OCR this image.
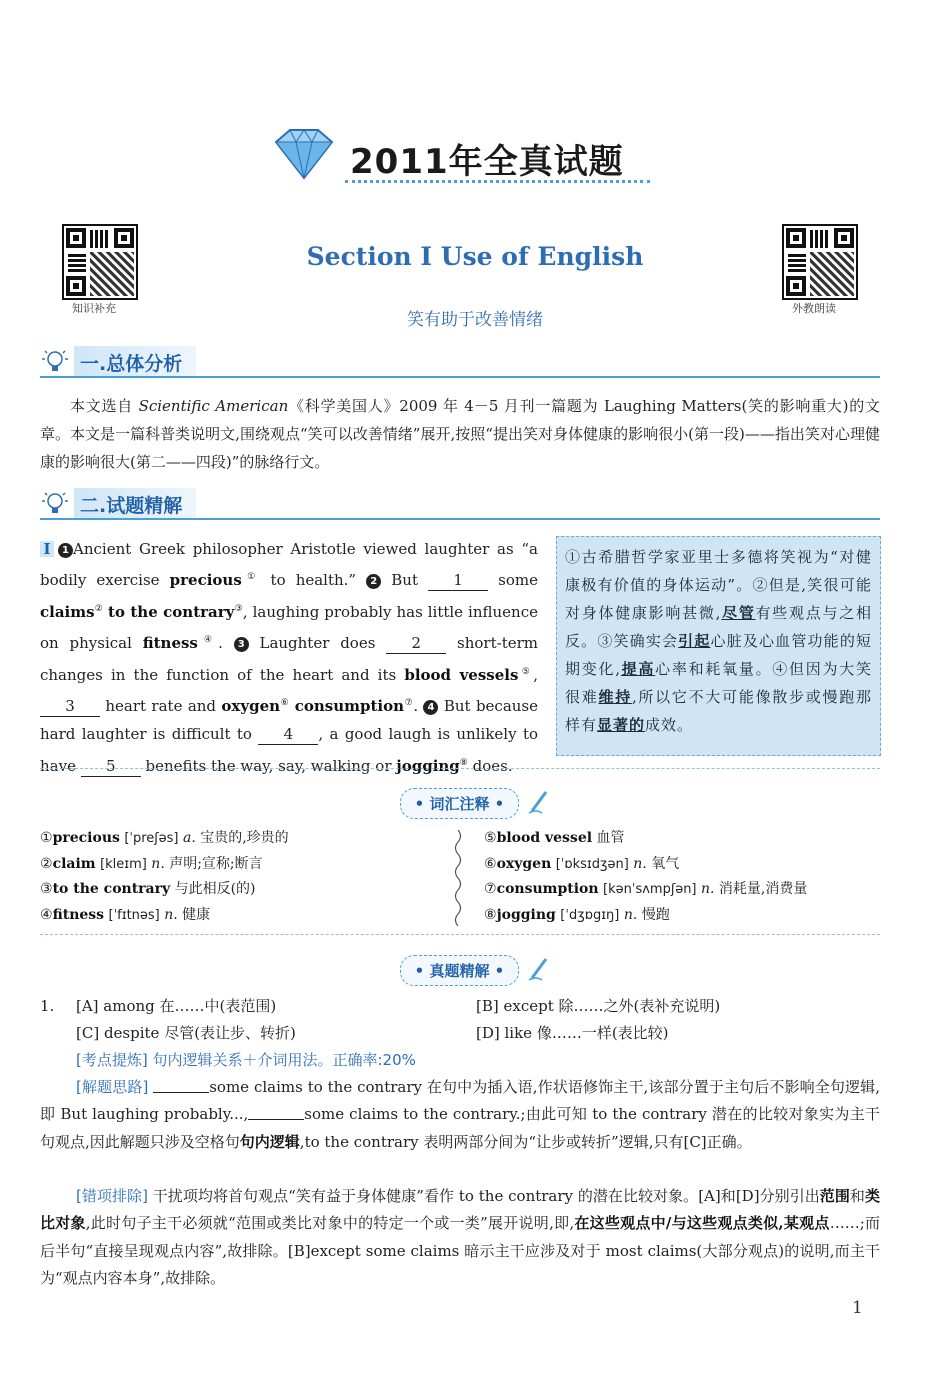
2011年全真试题
知识补充	外教朗读
Section Ⅰ Use of English
笑有助于改善情绪
一.总体分析
本文选自 Scientific American《科学美国人》2009 年 4－5 月刊一篇题为 Laughing Matters(笑的影响重大)的文章。本文是一篇科普类说明文,围绕观点“笑可以改善情绪”展开,按照“提出笑对身体健康的影响很小(第一段)——指出笑对心理健康的影响很大(第二——四段)”的脉络行文。
二.试题精解
Ⅰ 1 Ancient Greek philosopher Aristotle viewed laughter as “a bodily exercise precious① to health.” 2 But 1 some claims② to the contrary③, laughing probably has little influence on physical fitness④. 3 Laughter does 2 short-term changes in the function of the heart and its blood vessels⑤, 3 heart rate and oxygen⑥ consumption⑦. 4 But because hard laughter is difficult to 4 , a good laugh is unlikely to have 5 benefits the way, say, walking or jogging⑧ does.
①古希腊哲学家亚里士多德将笑视为“对健康极有价值的身体运动”。②但是,笑很可能对身体健康影响甚微,尽管有些观点与之相反。③笑确实会引起心脏及心血管功能的短期变化,提高心率和耗氧量。④但因为大笑很难维持,所以它不大可能像散步或慢跑那样有显著的成效。
• 词汇注释 •
①precious [ˈpreʃəs] a. 宝贵的,珍贵的
②claim [kleɪm] n. 声明;宣称;断言
③to the contrary 与此相反(的)
④fitness [ˈfɪtnəs] n. 健康
⑤blood vessel 血管
⑥oxygen [ˈɒksɪdʒən] n. 氧气
⑦consumption [kənˈsʌmpʃən] n. 消耗量,消费量
⑧jogging [ˈdʒɒgɪŋ] n. 慢跑
• 真题精解 •
1. [A] among 在……中(表范围)	[B] except 除……之外(表补充说明)
[C] despite 尽管(表让步、转折)	[D] like 像……一样(表比较)
[考点提炼] 句内逻辑关系＋介词用法。正确率:20%
[解题思路]	some claims to the contrary 在句中为插入语,作状语修饰主干,该部分置于主句后不影响全句逻辑,即 But laughing probably...,	some claims to the contrary.;由此可知 to the contrary 潜在的比较对象实为主干句观点,因此解题只涉及空格句句内逻辑,to the contrary 表明两部分间为“让步或转折”逻辑,只有[C]正确。
[错项排除] 干扰项均将首句观点“笑有益于身体健康”看作 to the contrary 的潜在比较对象。[A]和[D]分别引出范围和类比对象,此时句子主干必须就“范围或类比对象中的特定一个或一类”展开说明,即,在这些观点中/与这些观点类似,某观点……;而后半句“直接呈现观点内容”,故排除。[B]except some claims 暗示主干应涉及对于 most claims(大部分观点)的说明,而主干为“观点内容本身”,故排除。
1
